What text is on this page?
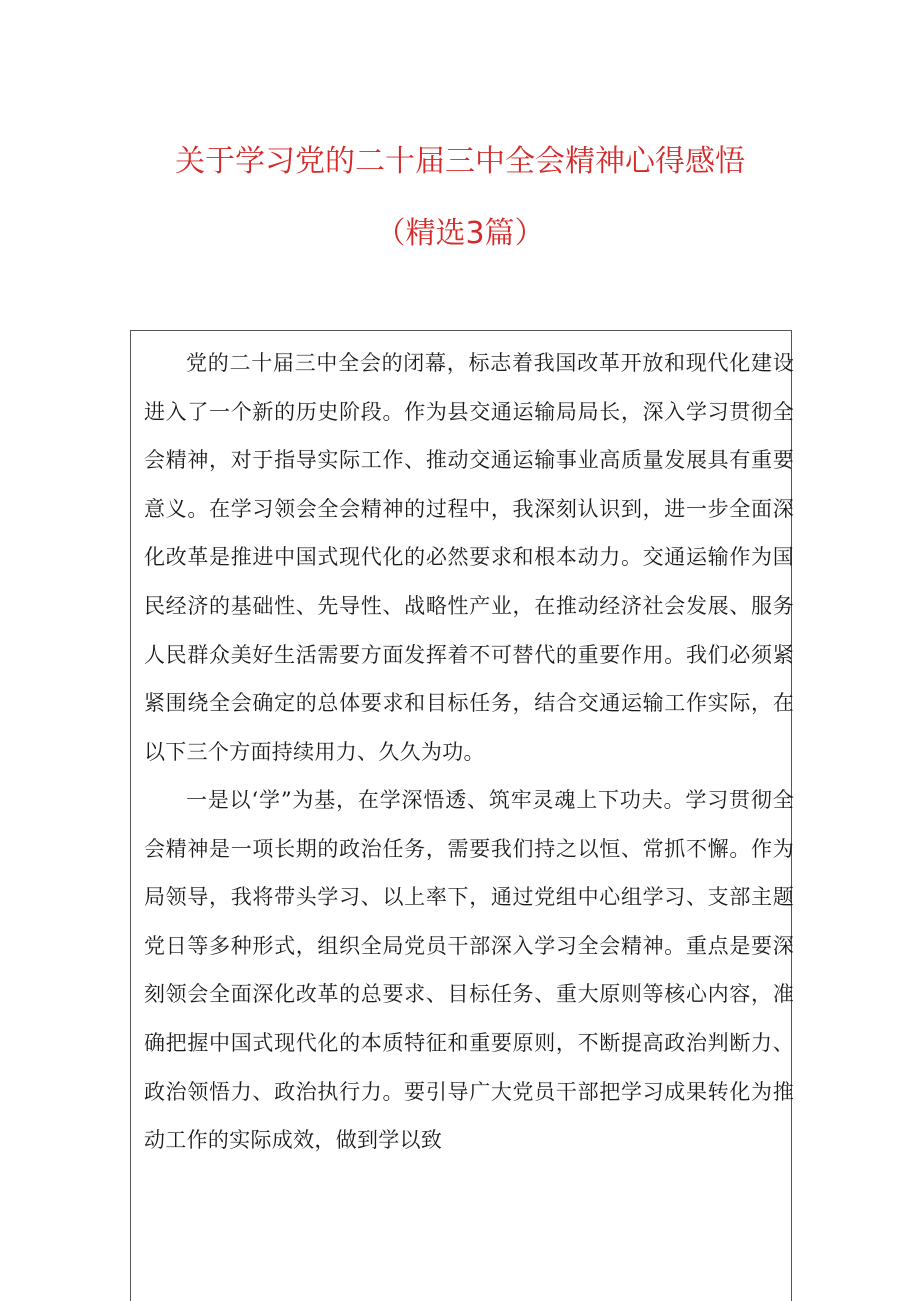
关于学习党的二十届三中全会精神心得感悟
（精选3篇）

党的二十届三中全会的闭幕，标志着我国改革开放和现代化建设进入了一个新的历史阶段。作为县交通运输局局长，深入学习贯彻全会精神，对于指导实际工作、推动交通运输事业高质量发展具有重要意义。在学习领会全会精神的过程中，我深刻认识到，进一步全面深化改革是推进中国式现代化的必然要求和根本动力。交通运输作为国民经济的基础性、先导性、战略性产业，在推动经济社会发展、服务人民群众美好生活需要方面发挥着不可替代的重要作用。我们必须紧紧围绕全会确定的总体要求和目标任务，结合交通运输工作实际，在以下三个方面持续用力、久久为功。

一是以‘学”为基，在学深悟透、筑牢灵魂上下功夫。学习贯彻全会精神是一项长期的政治任务，需要我们持之以恒、常抓不懈。作为局领导，我将带头学习、以上率下，通过党组中心组学习、支部主题党日等多种形式，组织全局党员干部深入学习全会精神。重点是要深刻领会全面深化改革的总要求、目标任务、重大原则等核心内容，准确把握中国式现代化的本质特征和重要原则，不断提高政治判断力、政治领悟力、政治执行力。要引导广大党员干部把学习成果转化为推动工作的实际成效，做到学以致
